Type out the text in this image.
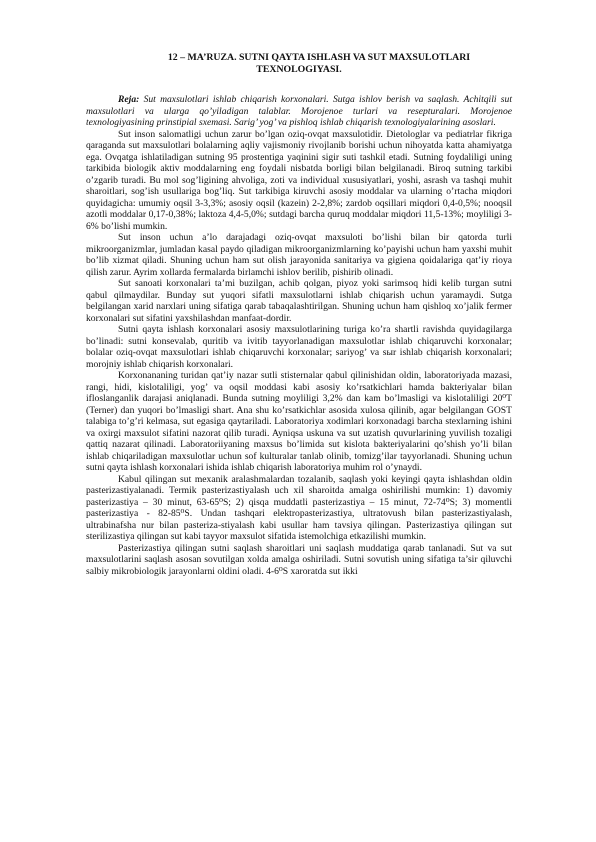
12 – MA’RUZA. SUTNI QAYTA ISHLASH VA SUT MAXSULOTLARI
TEXNOLOGIYASI.

Reja: Sut maxsulotlari ishlab chiqarish korxonalari. Sutga ishlov berish va saqlash. Achitqili sut maxsulotlari va ularga qo’yiladigan talablar. Morojenoe turlari va resepturalari. Morojenoe texnologiyasining prinstipial sxemasi. Sarig’ yog’ va pishloq ishlab chiqarish texnologiyalarining asoslari.

Sut inson salomatligi uchun zarur bo’lgan oziq-ovqat maxsulotidir. Dietologlar va pediatrlar fikriga qaraganda sut maxsulotlari bolalarning aqliy vajismoniy rivojlanib borishi uchun nihoyatda katta ahamiyatga ega. Ovqatga ishlatiladigan sutning 95 prostentiga yaqinini sigir suti tashkil etadi. Sutning foydaliligi uning tarkibida biologik aktiv moddalarning eng foydali nisbatda borligi bilan belgilanadi. Biroq sutning tarkibi o’zgarib turadi. Bu mol sog’ligining ahvoliga, zoti va individual xususiyatlari, yoshi, asrash va tashqi muhit sharoitlari, sog’ish usullariga bog’liq. Sut tarkibiga kiruvchi asosiy moddalar va ularning o’rtacha miqdori quyidagicha: umumiy oqsil 3-3,3%; asosiy oqsil (kazein) 2-2,8%; zardob oqsillari miqdori 0,4-0,5%; nooqsil azotli moddalar 0,17-0,38%; laktoza 4,4-5,0%; sutdagi barcha quruq moddalar miqdori 11,5-13%; moyliligi 3-6% bo’lishi mumkin.

Sut inson uchun a’lo darajadagi oziq-ovqat maxsuloti bo’lishi bilan bir qatorda turli mikroorganizmlar, jumladan kasal paydo qiladigan mikroorganizmlarning ko’payishi uchun ham yaxshi muhit bo’lib xizmat qiladi. Shuning uchun ham sut olish jarayonida sanitariya va gigiena qoidalariga qat’iy rioya qilish zarur. Ayrim xollarda fermalarda birlamchi ishlov berilib, pishirib olinadi.

Sut sanoati korxonalari ta’mi buzilgan, achib qolgan, piyoz yoki sarimsoq hidi kelib turgan sutni qabul qilmaydilar. Bunday sut yuqori sifatli maxsulotlarni ishlab chiqarish uchun yaramaydi. Sutga belgilangan xarid narxlari uning sifatiga qarab tabaqalashtirilgan. Shuning uchun ham qishloq xo’jalik fermer korxonalari sut sifatini yaxshilashdan manfaat-dordir.

Sutni qayta ishlash korxonalari asosiy maxsulotlarining turiga ko’ra shartli ravishda quyidagilarga bo’linadi: sutni konsevalab, quritib va ivitib tayyorlanadigan maxsulotlar ishlab chiqaruvchi korxonalar; bolalar oziq-ovqat maxsulotlari ishlab chiqaruvchi korxonalar; sariyog’ va sыr ishlab chiqarish korxonalari; morojniy ishlab chiqarish korxonalari.

Korxonananing turidan qat’iy nazar sutli stisternalar qabul qilinishidan oldin, laboratoriyada mazasi, rangi, hidi, kislotaliligi, yog’ va oqsil moddasi kabi asosiy ko’rsatkichlari hamda bakteriyalar bilan ifloslanganlik darajasi aniqlanadi. Bunda sutning moyliligi 3,2% dan kam bo’lmasligi va kislotaliligi 20⁰T (Terner) dan yuqori bo’lmasligi shart. Ana shu ko’rsatkichlar asosida xulosa qilinib, agar belgilangan GOST talabiga to’g’ri kelmasa, sut egasiga qaytariladi. Laboratoriya xodimlari korxonadagi barcha stexlarning ishini va oxirgi maxsulot sifatini nazorat qilib turadi. Ayniqsa uskuna va sut uzatish quvurlarining yuvilish tozaligi qattiq nazarat qilinadi. Laboratoriiyaning maxsus bo’limida sut kislota bakteriyalarini qo’shish yo’li bilan ishlab chiqariladigan maxsulotlar uchun sof kulturalar tanlab olinib, tomizg’ilar tayyorlanadi. Shuning uchun sutni qayta ishlash korxonalari ishida ishlab chiqarish laboratoriya muhim rol o’ynaydi.

Kabul qilingan sut mexanik aralashmalardan tozalanib, saqlash yoki keyingi qayta ishlashdan oldin pasterizastiyalanadi. Termik pasterizastiyalash uch xil sharoitda amalga oshirilishi mumkin: 1) davomiy pasterizastiya – 30 minut, 63-65⁰S; 2) qisqa muddatli pasterizastiya – 15 minut, 72-74⁰S; 3) momentli pasterizastiya - 82-85⁰S. Undan tashqari elektropasterizastiya, ultratovush bilan pasterizastiyalash, ultrabinafsha nur bilan pasteriza-stiyalash kabi usullar ham tavsiya qilingan. Pasterizastiya qilingan sut sterilizastiya qilingan sut kabi tayyor maxsulot sifatida istemolchiga etkazilishi mumkin.

Pasterizastiya qilingan sutni saqlash sharoitlari uni saqlash muddatiga qarab tanlanadi. Sut va sut maxsulotlarini saqlash asosan sovutilgan xolda amalga oshiriladi. Sutni sovutish uning sifatiga ta’sir qiluvchi salbiy mikrobiologik jarayonlarni oldini oladi. 4-6⁰S xaroratda sut ikki
